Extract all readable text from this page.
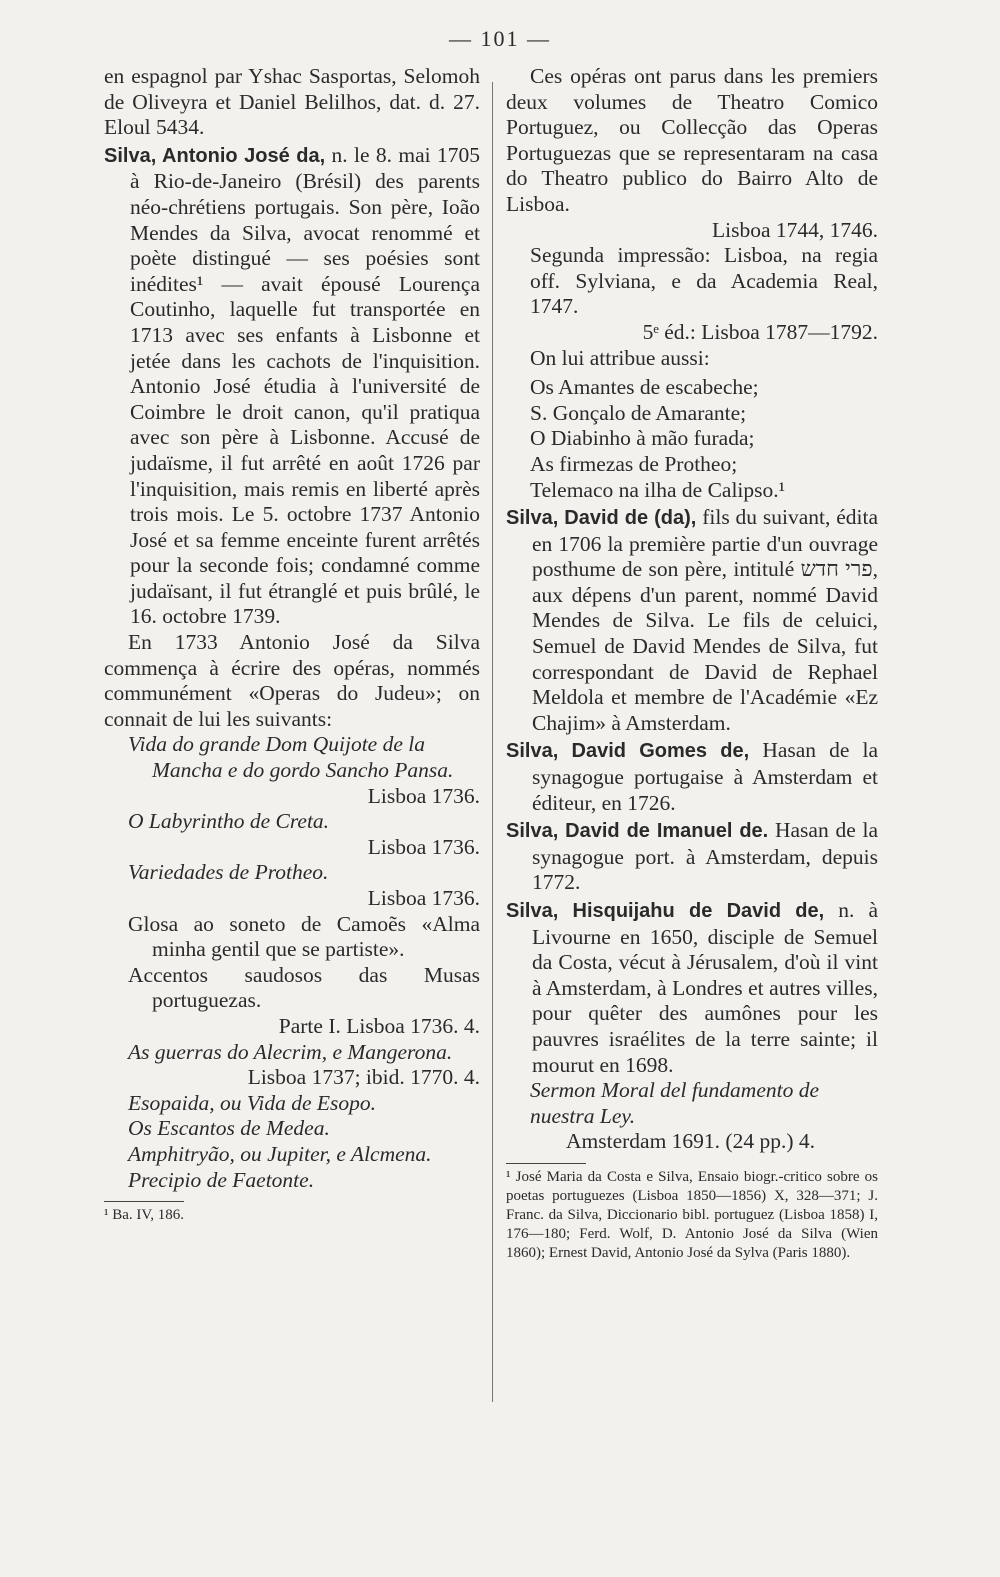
— 101 —

en espagnol par Yshac Sasportas, Selomoh de Oliveyra et Daniel Belilhos, dat. d. 27. Eloul 5434.

Silva, Antonio José da, n. le 8. mai 1705 à Rio-de-Janeiro (Brésil) des parents néo-chrétiens portugais. Son père, Ioão Mendes da Silva, avocat renommé et poète distingué — ses poésies sont inédites¹ — avait épousé Lourença Coutinho, laquelle fut transportée en 1713 avec ses enfants à Lisbonne et jetée dans les cachots de l'inquisition. Antonio José étudia à l'université de Coimbre le droit canon, qu'il pratiqua avec son père à Lisbonne. Accusé de judaïsme, il fut arrêté en août 1726 par l'inquisition, mais remis en liberté après trois mois. Le 5. octobre 1737 Antonio José et sa femme enceinte furent arrêtés pour la seconde fois; condamné comme judaïsant, il fut étranglé et puis brûlé, le 16. octobre 1739.

En 1733 Antonio José da Silva commença à écrire des opéras, nommés communément «Operas do Judeu»; on connait de lui les suivants:

Vida do grande Dom Quijote de la Mancha e do gordo Sancho Pansa.

Lisboa 1736.

O Labyrintho de Creta.

Lisboa 1736.

Variedades de Protheo.

Lisboa 1736.

Glosa ao soneto de Camoẽs «Alma minha gentil que se partiste».

Accentos saudosos das Musas portuguezas.

Parte I. Lisboa 1736. 4.

As guerras do Alecrim, e Mangerona.

Lisboa 1737; ibid. 1770. 4.

Esopaida, ou Vida de Esopo.

Os Escantos de Medea.

Amphitryão, ou Jupiter, e Alcmena.

Precipio de Faetonte.

¹ Ba. IV, 186.

Ces opéras ont parus dans les premiers deux volumes de Theatro Comico Portuguez, ou Collecção das Operas Portuguezas que se representaram na casa do Theatro publico do Bairro Alto de Lisboa.

Lisboa 1744, 1746.

Segunda impressão: Lisboa, na regia off. Sylviana, e da Academia Real, 1747.

5ᵉ éd.: Lisboa 1787—1792.

On lui attribue aussi:

Os Amantes de escabeche;

S. Gonçalo de Amarante;

O Diabinho à mão furada;

As firmezas de Protheo;

Telemaco na ilha de Calipso.¹

Silva, David de (da), fils du suivant, édita en 1706 la première partie d'un ouvrage posthume de son père, intitulé פרי חדש, aux dépens d'un parent, nommé David Mendes de Silva. Le fils de celuici, Semuel de David Mendes de Silva, fut correspondant de David de Rephael Meldola et membre de l'Académie «Ez Chajim» à Amsterdam.

Silva, David Gomes de, Hasan de la synagogue portugaise à Amsterdam et éditeur, en 1726.

Silva, David de Imanuel de. Hasan de la synagogue port. à Amsterdam, depuis 1772.

Silva, Hisquijahu de David de, n. à Livourne en 1650, disciple de Semuel da Costa, vécut à Jérusalem, d'où il vint à Amsterdam, à Londres et autres villes, pour quêter des aumônes pour les pauvres israélites de la terre sainte; il mourut en 1698.

Sermon Moral del fundamento de nuestra Ley.

Amsterdam 1691. (24 pp.) 4.

¹ José Maria da Costa e Silva, Ensaio biogr.-critico sobre os poetas portuguezes (Lisboa 1850—1856) X, 328—371; J. Franc. da Silva, Diccionario bibl. portuguez (Lisboa 1858) I, 176—180; Ferd. Wolf, D. Antonio José da Silva (Wien 1860); Ernest David, Antonio José da Sylva (Paris 1880).
